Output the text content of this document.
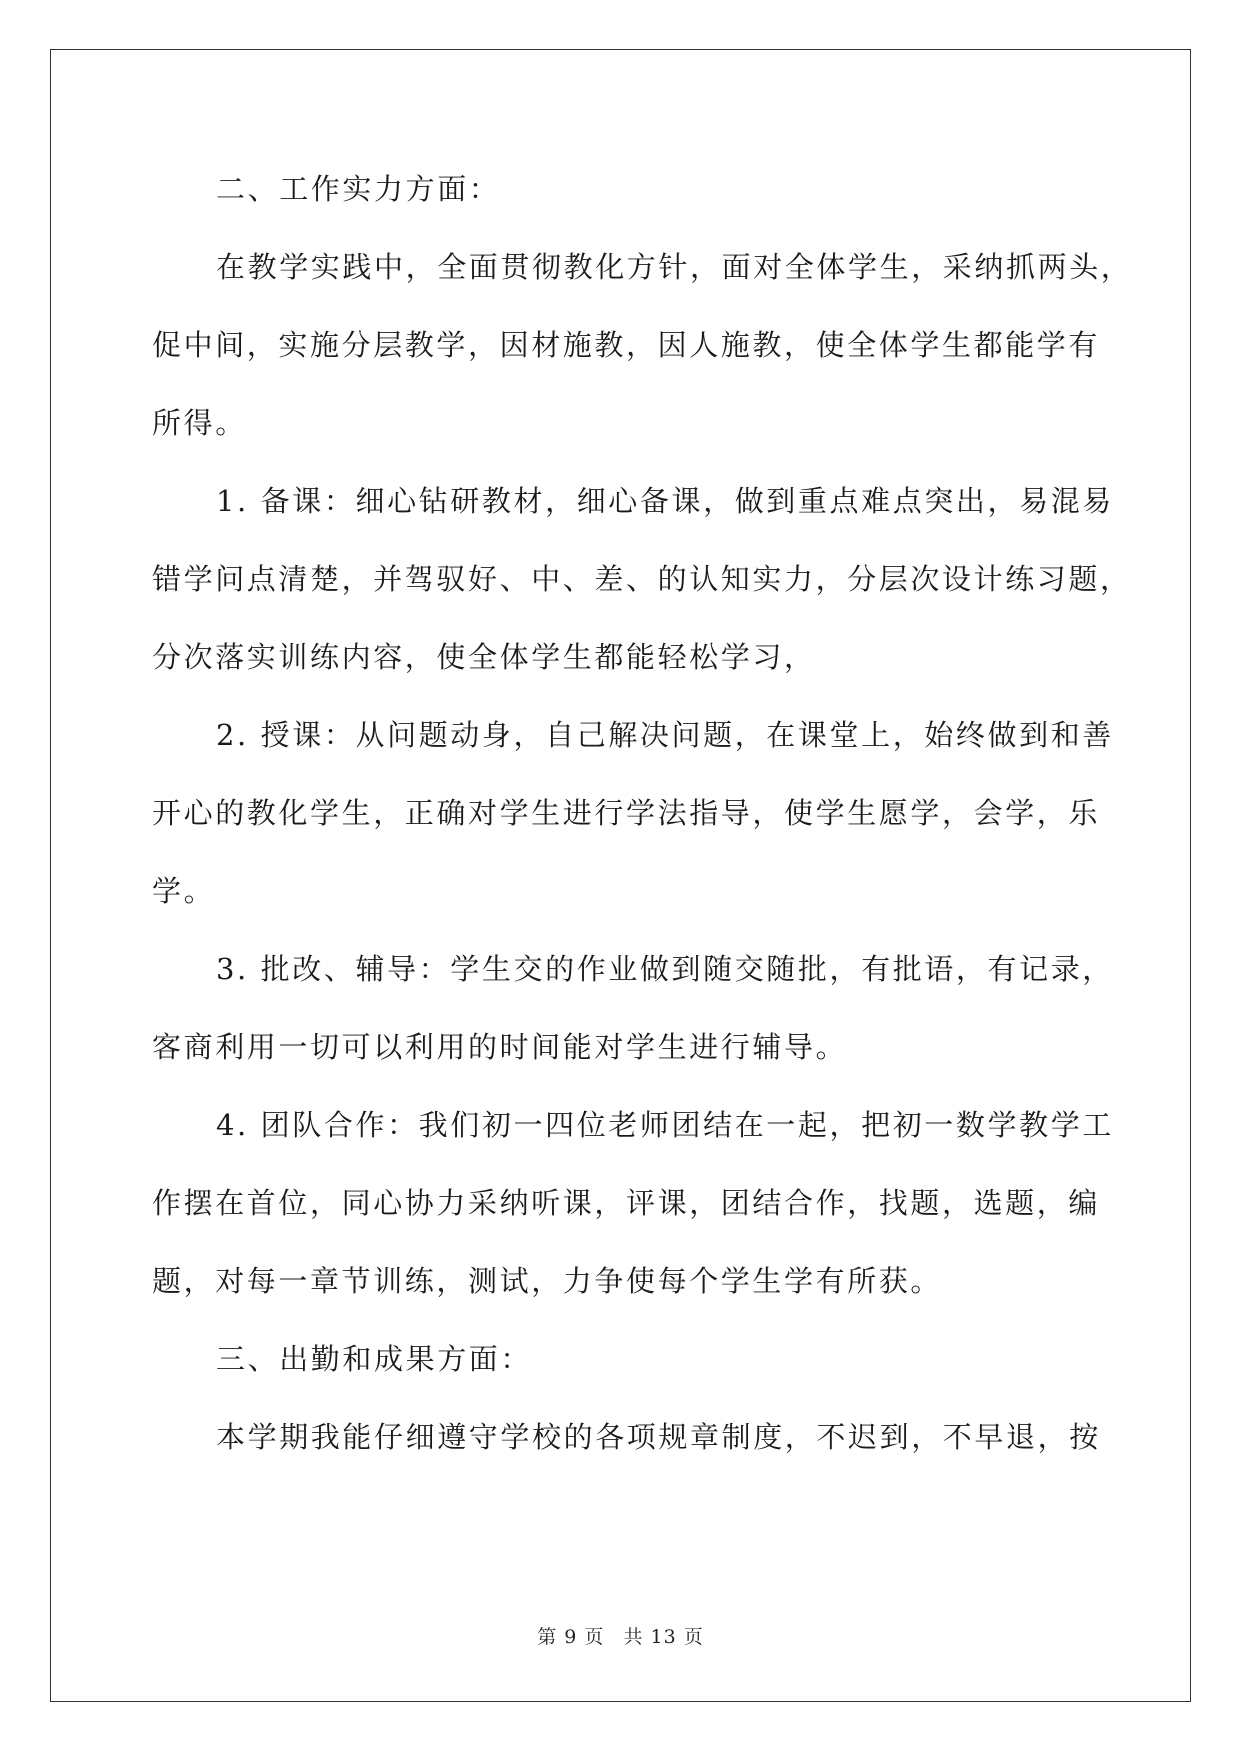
二、工作实力方面：

在教学实践中，全面贯彻教化方针，面对全体学生，采纳抓两头，
促中间，实施分层教学，因材施教，因人施教，使全体学生都能学有
所得。

1. 备课：细心钻研教材，细心备课，做到重点难点突出，易混易
错学问点清楚，并驾驭好、中、差、的认知实力，分层次设计练习题，
分次落实训练内容，使全体学生都能轻松学习，

2. 授课：从问题动身，自己解决问题，在课堂上，始终做到和善
开心的教化学生，正确对学生进行学法指导，使学生愿学，会学，乐
学。

3. 批改、辅导：学生交的作业做到随交随批，有批语，有记录，
客商利用一切可以利用的时间能对学生进行辅导。

4. 团队合作：我们初一四位老师团结在一起，把初一数学教学工
作摆在首位，同心协力采纳听课，评课，团结合作，找题，选题，编
题，对每一章节训练，测试，力争使每个学生学有所获。

三、出勤和成果方面：

本学期我能仔细遵守学校的各项规章制度，不迟到，不早退，按

第 9 页 共 13 页
